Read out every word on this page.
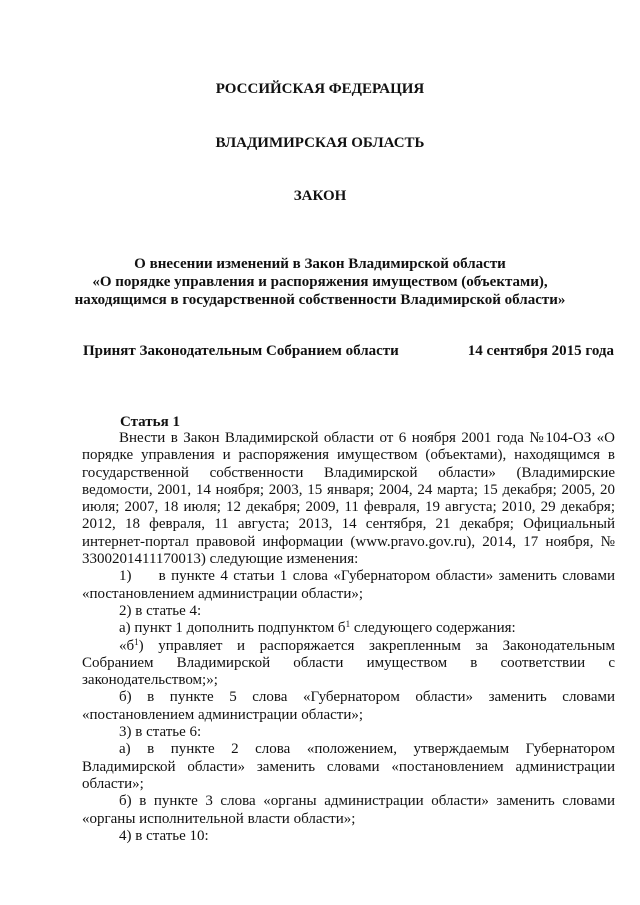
РОССИЙСКАЯ ФЕДЕРАЦИЯ
ВЛАДИМИРСКАЯ ОБЛАСТЬ
ЗАКОН
О внесении изменений в Закон Владимирской области
«О порядке управления и распоряжения имуществом (объектами),
находящимся в государственной собственности Владимирской области»
Принят Законодательным Собранием области	14 сентября 2015 года
Статья 1

Внести в Закон Владимирской области от 6 ноября 2001 года №104-ОЗ «О порядке управления и распоряжения имуществом (объектами), находящимся в государственной собственности Владимирской области» (Владимирские ведомости, 2001, 14 ноября; 2003, 15 января; 2004, 24 марта; 15 декабря; 2005, 20 июля; 2007, 18 июля; 12 декабря; 2009, 11 февраля, 19 августа; 2010, 29 декабря; 2012, 18 февраля, 11 августа; 2013, 14 сентября, 21 декабря; Официальный интернет-портал правовой информации (www.pravo.gov.ru), 2014, 17 ноября, № 3300201411170013) следующие изменения:

1)     в пункте 4 статьи 1 слова «Губернатором области» заменить словами «постановлением администрации области»;

2) в статье 4:

а) пункт 1 дополнить подпунктом $б^1$ следующего содержания:

«$б^1$) управляет и распоряжается закрепленным за Законодательным Собранием Владимирской области имуществом в соответствии с законодательством;»;

б) в пункте 5 слова «Губернатором области» заменить словами «постановлением администрации области»;

3) в статье 6:

а) в пункте 2 слова «положением, утверждаемым Губернатором Владимирской области» заменить словами «постановлением администрации области»;

б) в пункте 3 слова «органы администрации области» заменить словами «органы исполнительной власти области»;

4) в статье 10:
